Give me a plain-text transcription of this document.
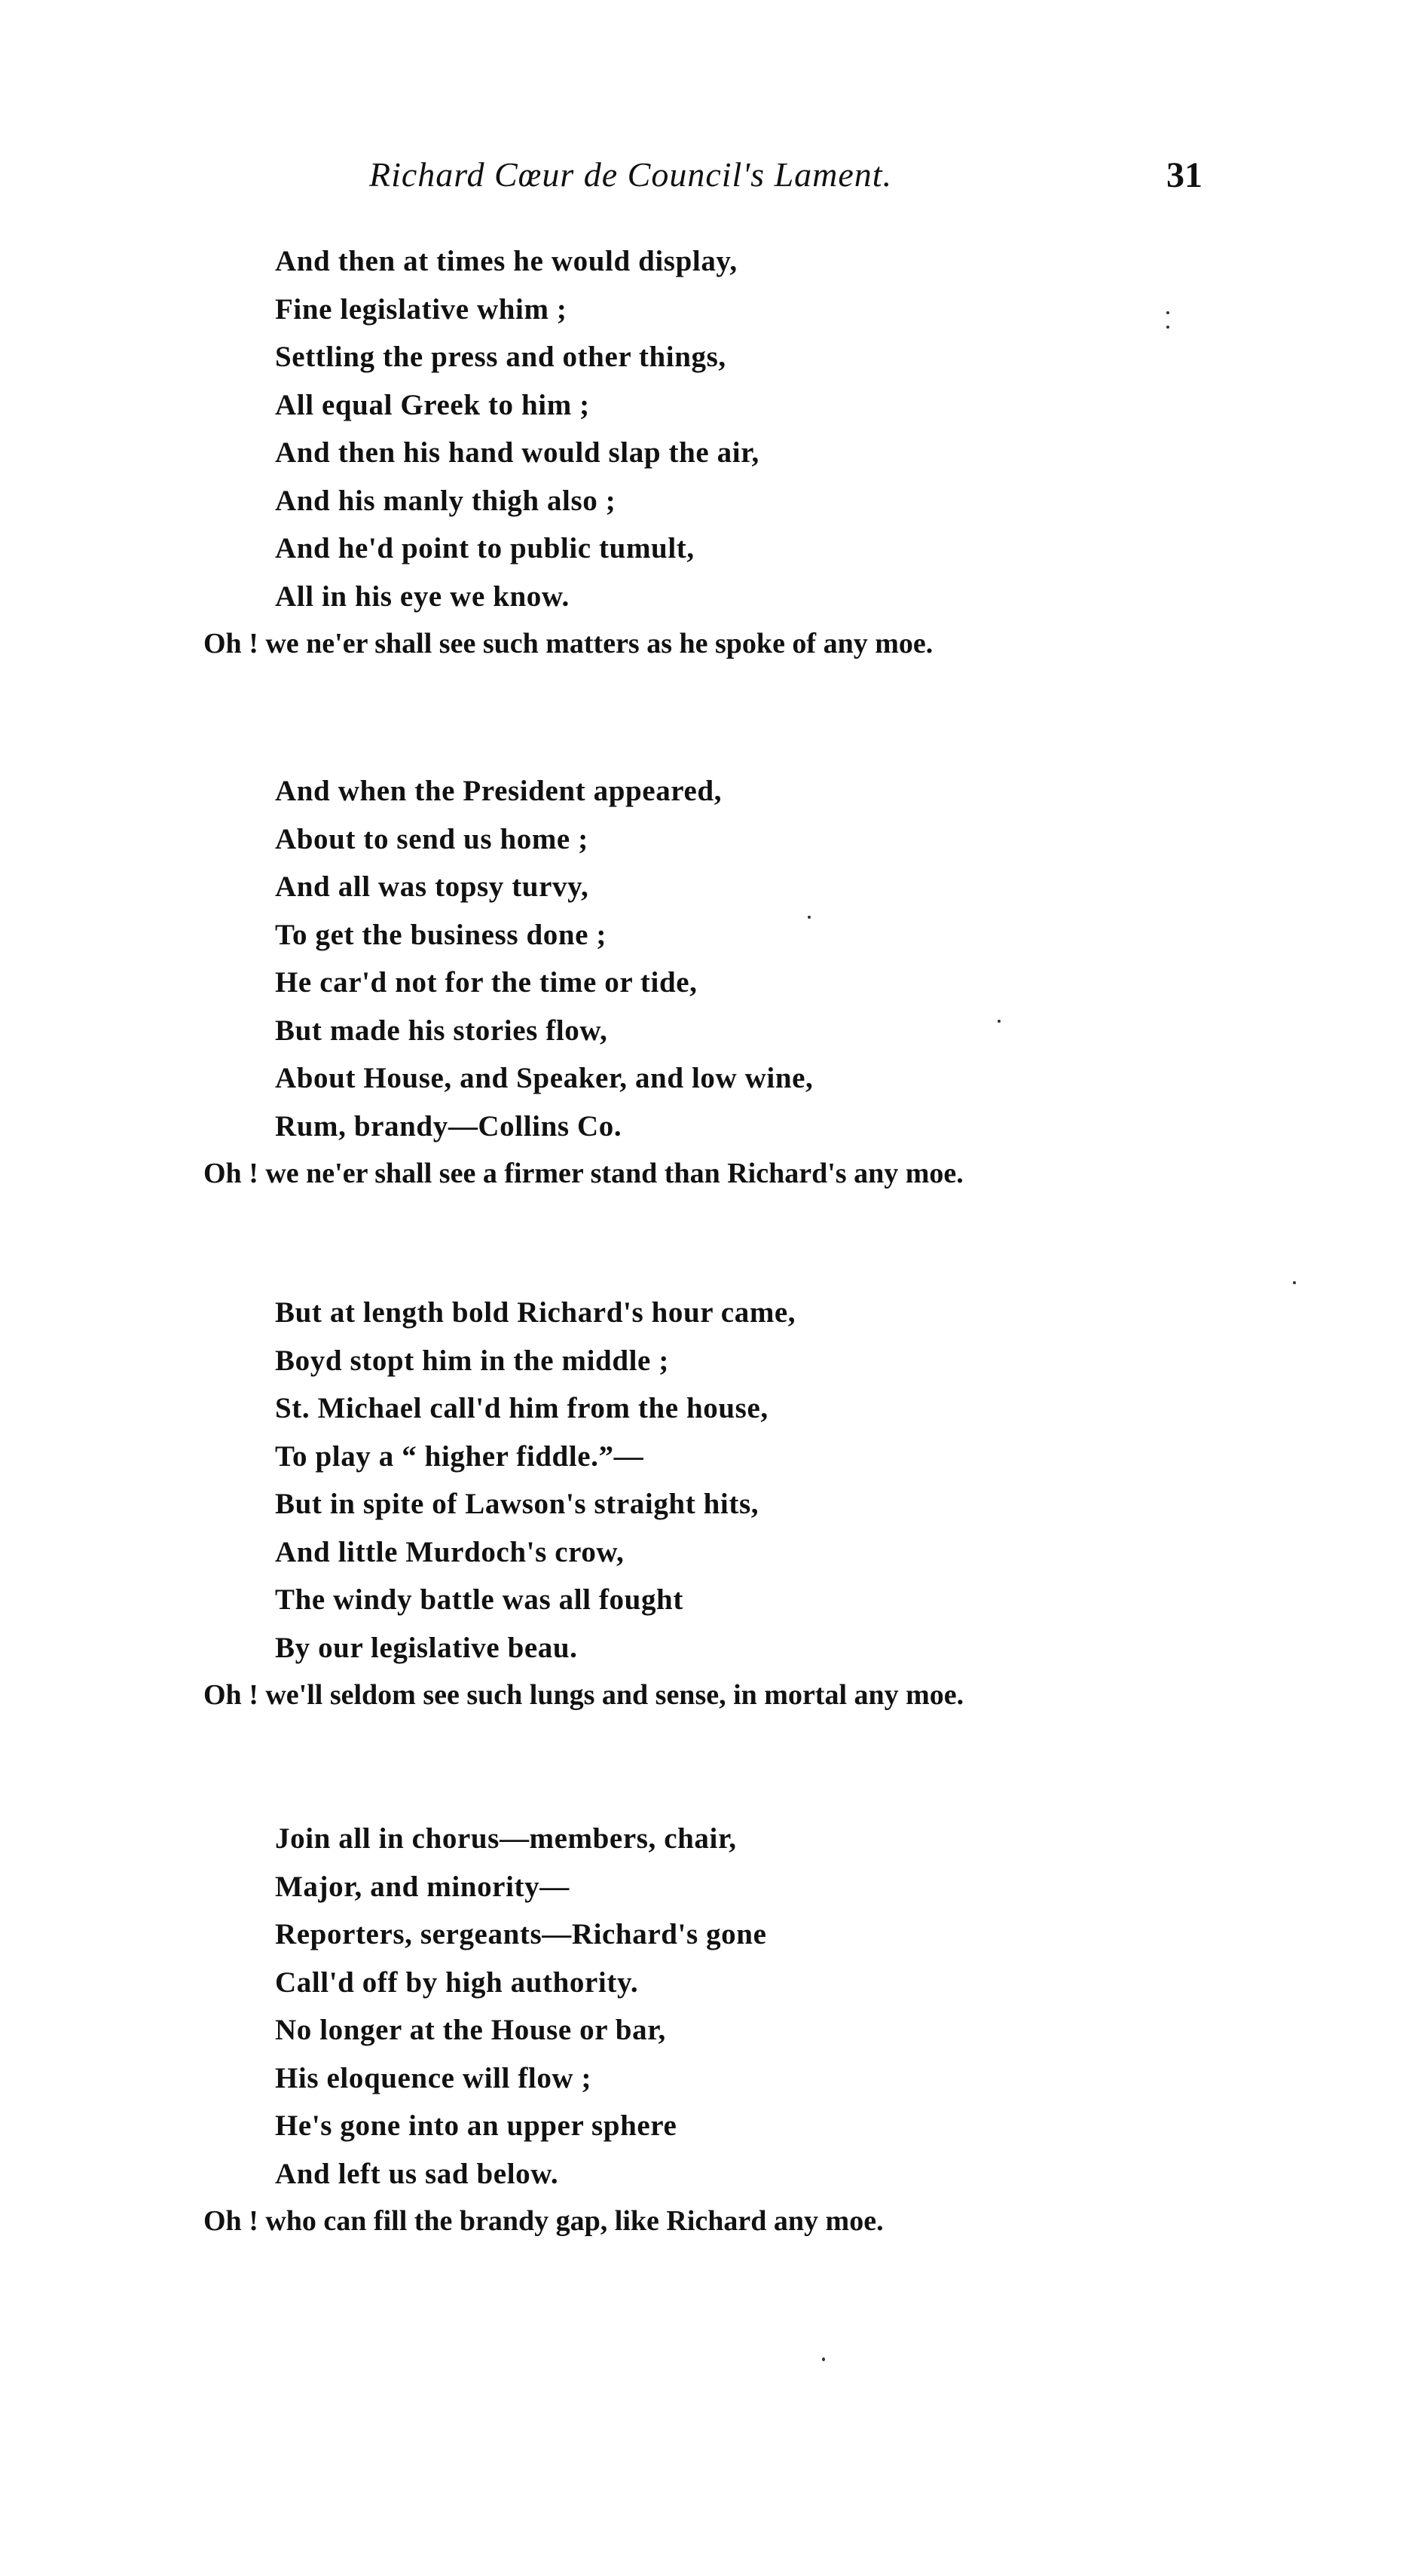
Richard Cœur de Council's Lament.	31
And then at times he would display,
Fine legislative whim ;
Settling the press and other things,
All equal Greek to him ;
And then his hand would slap the air,
And his manly thigh also ;
And he'd point to public tumult,
All in his eye we know.
Oh ! we ne'er shall see such matters as he spoke of any moe.
And when the President appeared,
About to send us home ;
And all was topsy turvy,
To get the business done ;
He car'd not for the time or tide,
But made his stories flow,
About House, and Speaker, and low wine,
Rum, brandy—Collins Co.
Oh ! we ne'er shall see a firmer stand than Richard's any moe.
But at length bold Richard's hour came,
Boyd stopt him in the middle ;
St. Michael call'd him from the house,
To play a “ higher fiddle.”—
But in spite of Lawson's straight hits,
And little Murdoch's crow,
The windy battle was all fought
By our legislative beau.
Oh ! we'll seldom see such lungs and sense, in mortal any moe.
Join all in chorus—members, chair,
Major, and minority—
Reporters, sergeants—Richard's gone
Call'd off by high authority.
No longer at the House or bar,
His eloquence will flow ;
He's gone into an upper sphere
And left us sad below.
Oh ! who can fill the brandy gap, like Richard any moe.
